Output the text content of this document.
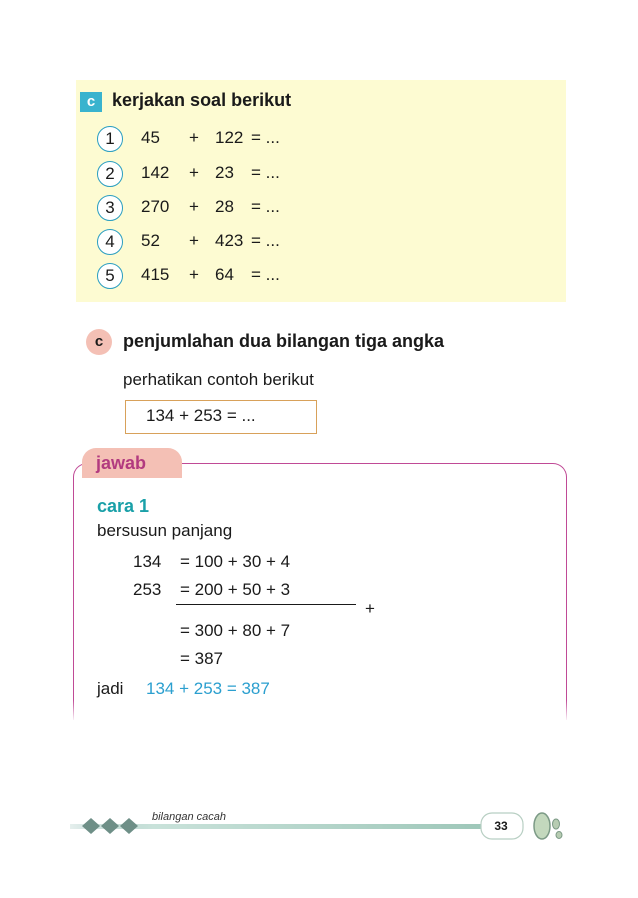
c kerjakan soal berikut
1	45	+ 122 = ...
2	142	+ 23	= ...
3	270	+ 28	= ...
4	52	+ 423 = ...
5	415	+ 64	= ...
c	penjumlahan dua bilangan tiga angka
perhatikan contoh berikut
134 + 253 = ...
jawab
cara 1
bersusun panjang
134 = 100 + 30 + 4
253 = 200 + 50 + 3
+
= 300 + 80 + 7
= 387
jadi 134 + 253 = 387
bilangan cacah
33
